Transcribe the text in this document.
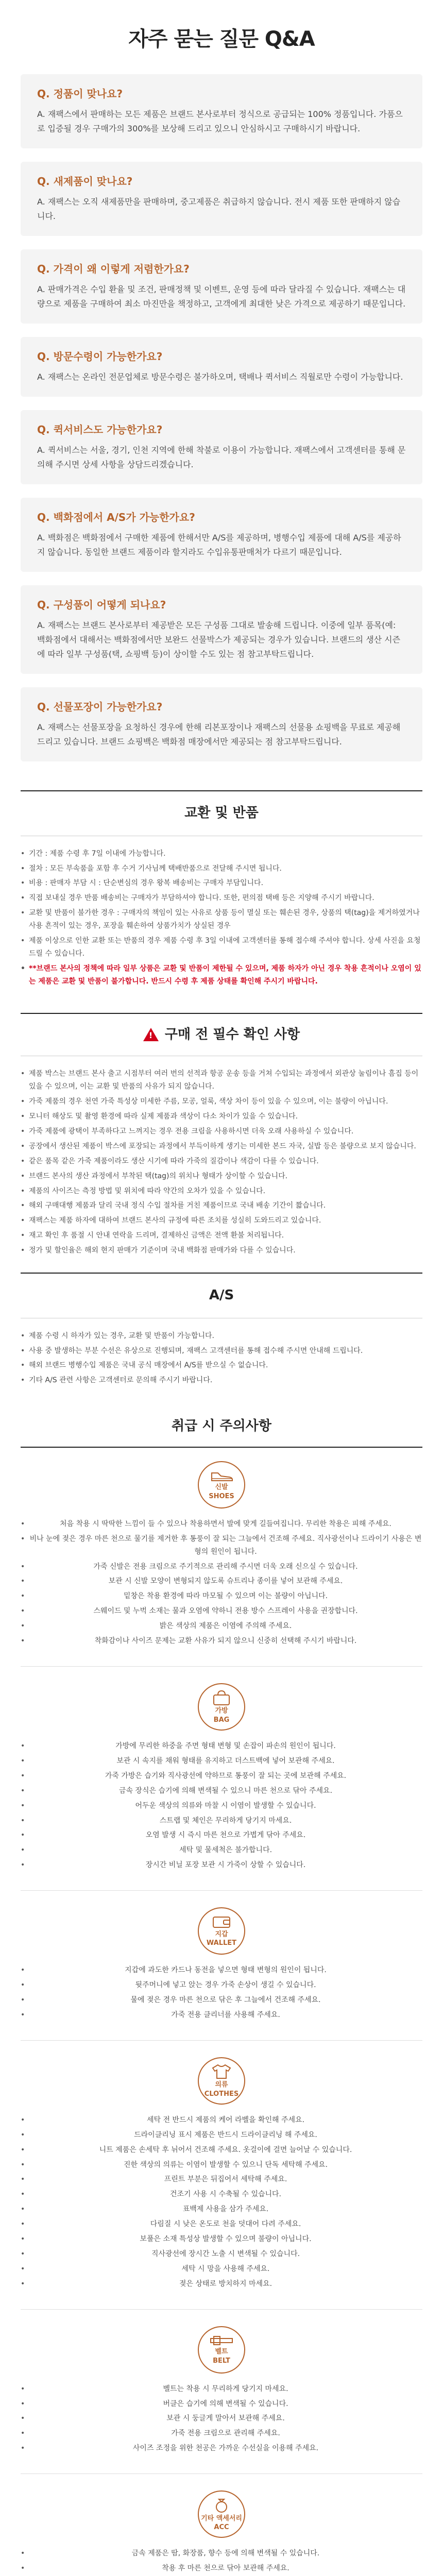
자주 묻는 질문 Q&A
Q. 정품이 맞나요?
A. 재팩스에서 판매하는 모든 제품은 브랜드 본사로부터 정식으로 공급되는 100% 정품입니다. 가품으로 입증될 경우 구매가의 300%를 보상해 드리고 있으니 안심하시고 구매하시기 바랍니다.
Q. 새제품이 맞나요?
A. 재팩스는 오직 새제품만을 판매하며, 중고제품은 취급하지 않습니다. 전시 제품 또한 판매하지 않습니다.
Q. 가격이 왜 이렇게 저렴한가요?
A. 판매가격은 수입 환율 및 조건, 판매정책 및 이벤트, 운영 등에 따라 달라질 수 있습니다. 재팩스는 대량으로 제품을 구매하여 최소 마진만을 책정하고, 고객에게 최대한 낮은 가격으로 제공하기 때문입니다.
Q. 방문수령이 가능한가요?
A. 재팩스는 온라인 전문업체로 방문수령은 불가하오며, 택배나 퀵서비스 직월로만 수령이 가능합니다.
Q. 퀵서비스도 가능한가요?
A. 퀵서비스는 서울, 경기, 인천 지역에 한해 착불로 이용이 가능합니다. 재팩스에서 고객센터를 통해 문의해 주시면 상세 사항을 상담드리겠습니다.
Q. 백화점에서 A/S가 가능한가요?
A. 백화점은 백화점에서 구매한 제품에 한해서만 A/S를 제공하며, 병행수입 제품에 대해 A/S를 제공하지 않습니다. 동일한 브랜드 제품이라 할지라도 수입유통판매처가 다르기 때문입니다.
Q. 구성품이 어떻게 되나요?
A. 재팩스는 브랜드 본사로부터 제공받은 모든 구성품 그대로 발송해 드립니다. 이중에 일부 품목(예: 백화점에서 대해서는 백화점에서만 보완드 선물박스가 제공되는 경우가 있습니다. 브랜드의 생산 시즌에 따라 일부 구성품(택, 쇼핑백 등)이 상이할 수도 있는 점 참고부탁드립니다.
Q. 선물포장이 가능한가요?
A. 재팩스는 선물포장을 요청하신 경우에 한해 리본포장이나 재팩스의 선물용 쇼핑백을 무료로 제공해 드리고 있습니다. 브랜드 쇼핑백은 백화점 매장에서만 제공되는 점 참고부탁드립니다.
교환 및 반품
• 기간 : 제품 수령 후 7일 이내에 가능합니다.
• 절차 : 모든 부속품을 포함 후 수거 기사님께 택배반품으로 전달해 주시면 됩니다.
• 비용 : 판매자 부담 시 : 단순변심의 경우 왕복 배송비는 구매자 부담입니다.
• 직접 보내실 경우 반품 배송비는 구매자가 부담하셔야 합니다. 또한, 편의점 택배 등은 지양해 주시기 바랍니다.
• 교환 및 반품이 불가한 경우 : 구매자의 책임이 있는 사유로 상품 등이 멸실 또는 훼손된 경우, 상품의 택(tag)을 제거하였거나 사용 흔적이 있는 경우, 포장을 훼손하여 상품가치가 상실된 경우
• 제품 이상으로 인한 교환 또는 반품의 경우 제품 수령 후 3일 이내에 고객센터를 통해 접수해 주셔야 합니다. 상세 사진을 요청드릴 수 있습니다.
• **브랜드 본사의 정책에 따라 일부 상품은 교환 및 반품이 제한될 수 있으며, 제품 하자가 아닌 경우 착용 흔적이나 오염이 있는 제품은 교환 및 반품이 불가합니다. 반드시 수령 후 제품 상태를 확인해 주시기 바랍니다.
! 구매 전 필수 확인 사항
• 제품 박스는 브랜드 본사 출고 시점부터 여러 번의 선적과 항공 운송 등을 거쳐 수입되는 과정에서 외관상 눌림이나 흠집 등이 있을 수 있으며, 이는 교환 및 반품의 사유가 되지 않습니다.
• 가죽 제품의 경우 천연 가죽 특성상 미세한 주름, 모공, 얼룩, 색상 차이 등이 있을 수 있으며, 이는 불량이 아닙니다.
• 모니터 해상도 및 촬영 환경에 따라 실제 제품과 색상이 다소 차이가 있을 수 있습니다.
• 가죽 제품에 광택이 부족하다고 느껴지는 경우 전용 크림을 사용하시면 더욱 오래 사용하실 수 있습니다.
• 공장에서 생산된 제품이 박스에 포장되는 과정에서 부득이하게 생기는 미세한 본드 자국, 실밥 등은 불량으로 보지 않습니다.
• 같은 품목 같은 가죽 제품이라도 생산 시기에 따라 가죽의 질감이나 색감이 다를 수 있습니다.
• 브랜드 본사의 생산 과정에서 부착된 택(tag)의 위치나 형태가 상이할 수 있습니다.
• 제품의 사이즈는 측정 방법 및 위치에 따라 약간의 오차가 있을 수 있습니다.
• 해외 구매대행 제품과 달리 국내 정식 수입 절차를 거친 제품이므로 국내 배송 기간이 짧습니다.
• 재팩스는 제품 하자에 대하여 브랜드 본사의 규정에 따른 조치를 성실히 도와드리고 있습니다.
• 재고 확인 후 품절 시 안내 연락을 드리며, 결제하신 금액은 전액 환불 처리됩니다.
• 정가 및 할인율은 해외 현지 판매가 기준이며 국내 백화점 판매가와 다를 수 있습니다.
A/S
• 제품 수령 시 하자가 있는 경우, 교환 및 반품이 가능합니다.
• 사용 중 발생하는 부분 수선은 유상으로 진행되며, 재팩스 고객센터를 통해 접수해 주시면 안내해 드립니다.
• 해외 브랜드 병행수입 제품은 국내 공식 매장에서 A/S를 받으실 수 없습니다.
• 기타 A/S 관련 사항은 고객센터로 문의해 주시기 바랍니다.
취급 시 주의사항
신발
SHOES
• 처음 착용 시 딱딱한 느낌이 들 수 있으나 착용하면서 발에 맞게 길들여집니다. 무리한 착용은 피해 주세요.
• 비나 눈에 젖은 경우 마른 천으로 물기를 제거한 후 통풍이 잘 되는 그늘에서 건조해 주세요. 직사광선이나 드라이기 사용은 변형의 원인이 됩니다.
• 가죽 신발은 전용 크림으로 주기적으로 관리해 주시면 더욱 오래 신으실 수 있습니다.
• 보관 시 신발 모양이 변형되지 않도록 슈트리나 종이를 넣어 보관해 주세요.
• 밑창은 착용 환경에 따라 마모될 수 있으며 이는 불량이 아닙니다.
• 스웨이드 및 누벅 소재는 물과 오염에 약하니 전용 방수 스프레이 사용을 권장합니다.
• 밝은 색상의 제품은 이염에 주의해 주세요.
• 착화감이나 사이즈 문제는 교환 사유가 되지 않으니 신중히 선택해 주시기 바랍니다.
가방
BAG
• 가방에 무리한 하중을 주면 형태 변형 및 손잡이 파손의 원인이 됩니다.
• 보관 시 속지를 채워 형태를 유지하고 더스트백에 넣어 보관해 주세요.
• 가죽 가방은 습기와 직사광선에 약하므로 통풍이 잘 되는 곳에 보관해 주세요.
• 금속 장식은 습기에 의해 변색될 수 있으니 마른 천으로 닦아 주세요.
• 어두운 색상의 의류와 마찰 시 이염이 발생할 수 있습니다.
• 스트랩 및 체인은 무리하게 당기지 마세요.
• 오염 발생 시 즉시 마른 천으로 가볍게 닦아 주세요.
• 세탁 및 물세척은 불가합니다.
• 장시간 비닐 포장 보관 시 가죽이 상할 수 있습니다.
지갑
WALLET
• 지갑에 과도한 카드나 동전을 넣으면 형태 변형의 원인이 됩니다.
• 뒷주머니에 넣고 앉는 경우 가죽 손상이 생길 수 있습니다.
• 물에 젖은 경우 마른 천으로 닦은 후 그늘에서 건조해 주세요.
• 가죽 전용 클리너를 사용해 주세요.
의류
CLOTHES
• 세탁 전 반드시 제품의 케어 라벨을 확인해 주세요.
• 드라이클리닝 표시 제품은 반드시 드라이클리닝 해 주세요.
• 니트 제품은 손세탁 후 뉘어서 건조해 주세요. 옷걸이에 걸면 늘어날 수 있습니다.
• 진한 색상의 의류는 이염이 발생할 수 있으니 단독 세탁해 주세요.
• 프린트 부분은 뒤집어서 세탁해 주세요.
• 건조기 사용 시 수축될 수 있습니다.
• 표백제 사용을 삼가 주세요.
• 다림질 시 낮은 온도로 천을 덧대어 다려 주세요.
• 보풀은 소재 특성상 발생할 수 있으며 불량이 아닙니다.
• 직사광선에 장시간 노출 시 변색될 수 있습니다.
• 세탁 시 망을 사용해 주세요.
• 젖은 상태로 방치하지 마세요.
벨트
BELT
• 벨트는 착용 시 무리하게 당기지 마세요.
• 버클은 습기에 의해 변색될 수 있습니다.
• 보관 시 둥글게 말아서 보관해 주세요.
• 가죽 전용 크림으로 관리해 주세요.
• 사이즈 조정을 위한 천공은 가까운 수선실을 이용해 주세요.
기타 액세서리
ACC
• 금속 제품은 땀, 화장품, 향수 등에 의해 변색될 수 있습니다.
• 착용 후 마른 천으로 닦아 보관해 주세요.
